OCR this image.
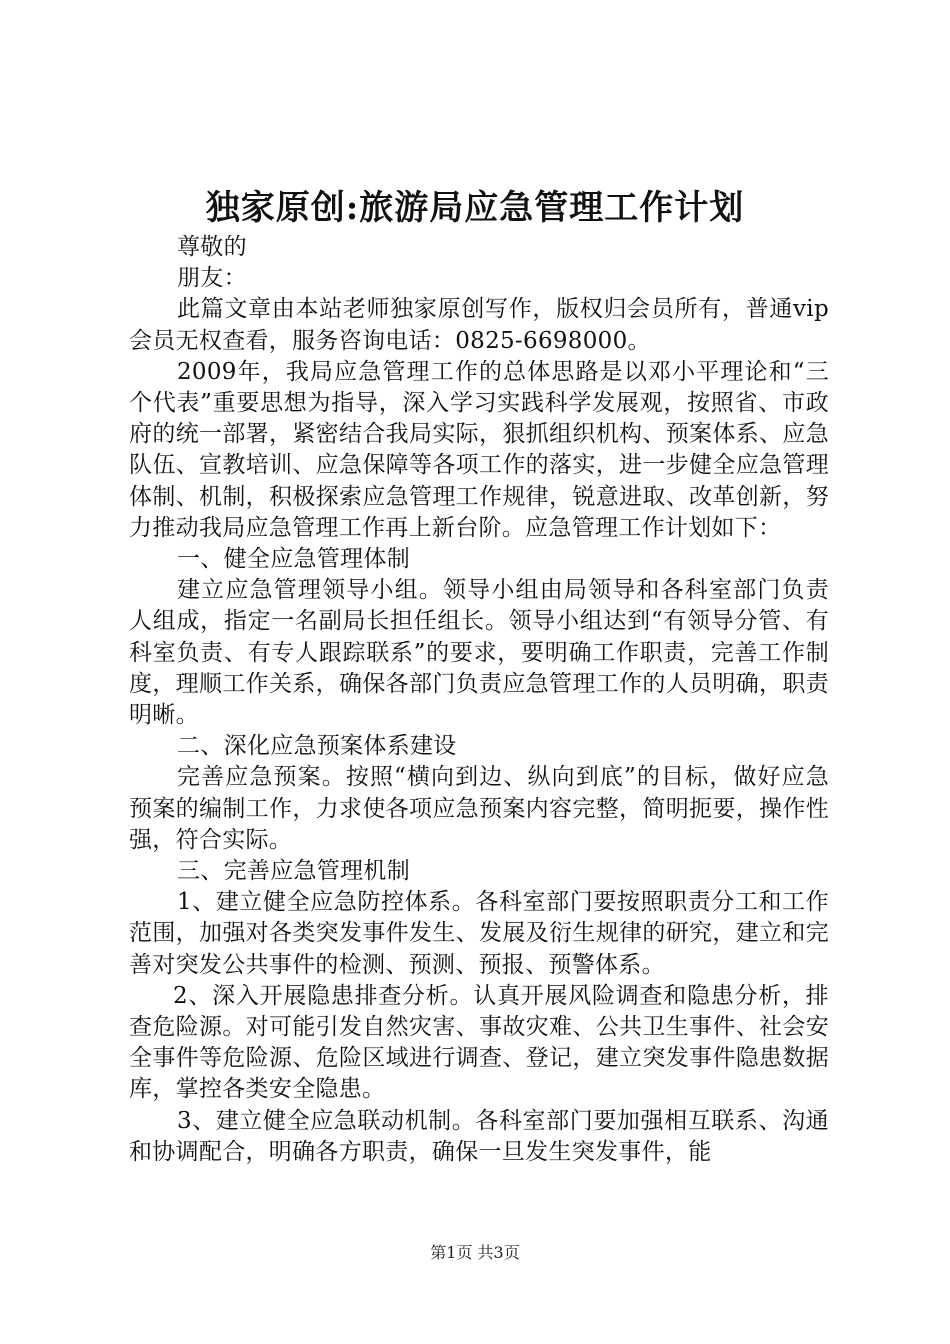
独家原创:旅游局应急管理工作计划

尊敬的

朋友：

此篇文章由本站老师独家原创写作，版权归会员所有，普通vip会员无权查看，服务咨询电话：0825-6698000。

2009年，我局应急管理工作的总体思路是以邓小平理论和“三个代表”重要思想为指导，深入学习实践科学发展观，按照省、市政府的统一部署，紧密结合我局实际，狠抓组织机构、预案体系、应急队伍、宣教培训、应急保障等各项工作的落实，进一步健全应急管理体制、机制，积极探索应急管理工作规律，锐意进取、改革创新，努力推动我局应急管理工作再上新台阶。应急管理工作计划如下：

一、健全应急管理体制

建立应急管理领导小组。领导小组由局领导和各科室部门负责人组成，指定一名副局长担任组长。领导小组达到“有领导分管、有科室负责、有专人跟踪联系”的要求，要明确工作职责，完善工作制度，理顺工作关系，确保各部门负责应急管理工作的人员明确，职责明晰。

二、深化应急预案体系建设

完善应急预案。按照“横向到边、纵向到底”的目标，做好应急预案的编制工作，力求使各项应急预案内容完整，简明扼要，操作性强，符合实际。

三、完善应急管理机制

1、建立健全应急防控体系。各科室部门要按照职责分工和工作范围，加强对各类突发事件发生、发展及衍生规律的研究，建立和完善对突发公共事件的检测、预测、预报、预警体系。

2、深入开展隐患排查分析。认真开展风险调查和隐患分析，排查危险源。对可能引发自然灾害、事故灾难、公共卫生事件、社会安全事件等危险源、危险区域进行调查、登记，建立突发事件隐患数据库，掌控各类安全隐患。

3、建立健全应急联动机制。各科室部门要加强相互联系、沟通和协调配合，明确各方职责，确保一旦发生突发事件，能

第1页 共3页
